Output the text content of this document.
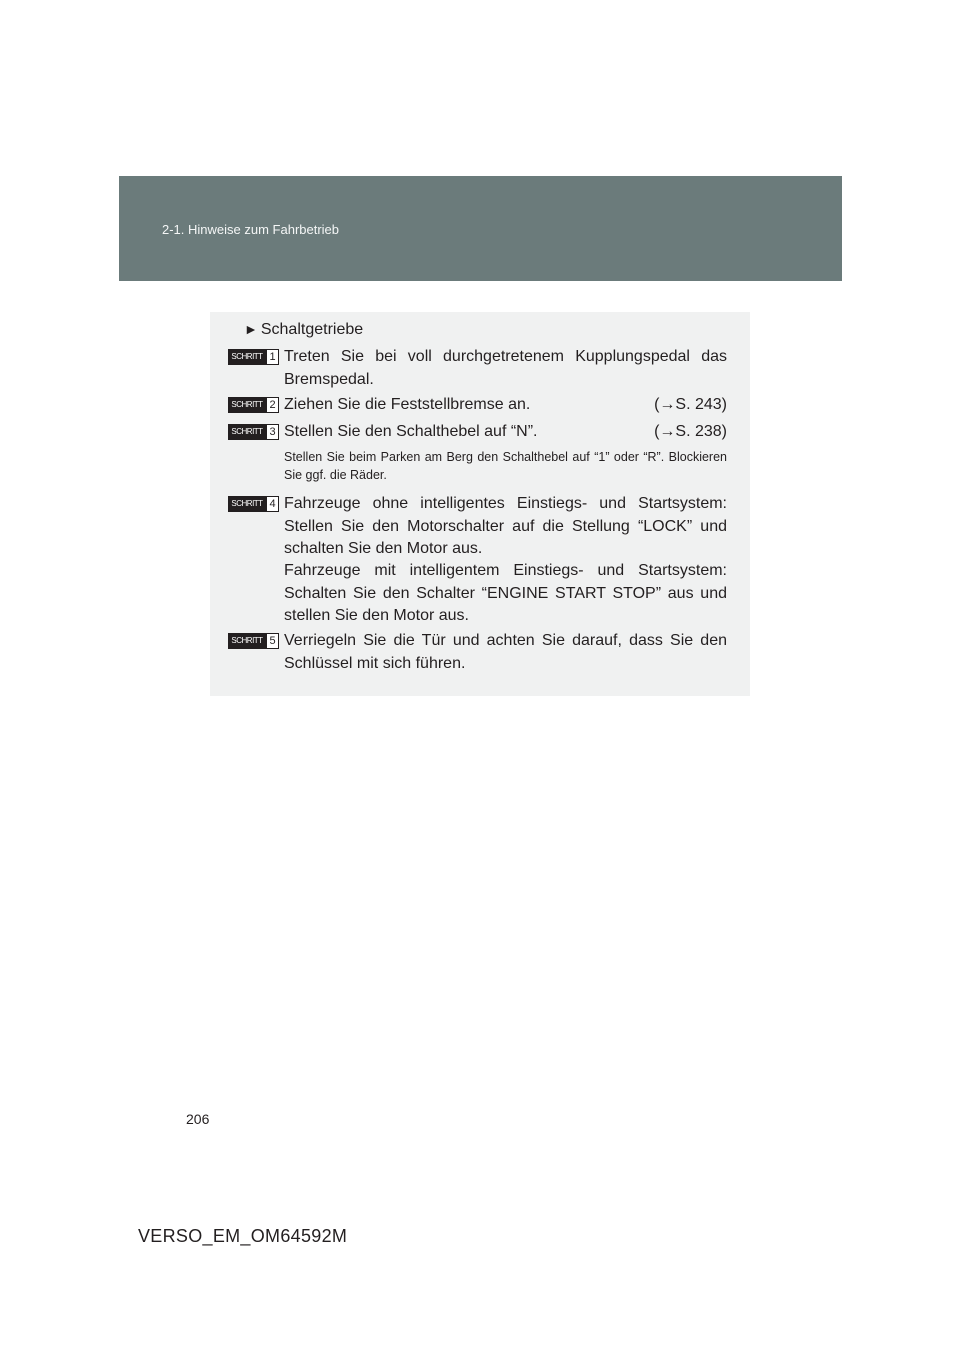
2-1. Hinweise zum Fahrbetrieb
► Schaltgetriebe
SCHRITT 1 Treten Sie bei voll durchgetretenem Kupplungspedal das Bremspedal.
SCHRITT 2 Ziehen Sie die Feststellbremse an.	(→S. 243)
SCHRITT 3 Stellen Sie den Schalthebel auf “N”.	(→S. 238)
Stellen Sie beim Parken am Berg den Schalthebel auf “1” oder “R”. Blockieren Sie ggf. die Räder.
SCHRITT 4 Fahrzeuge ohne intelligentes Einstiegs- und Startsystem: Stellen Sie den Motorschalter auf die Stellung “LOCK” und schalten Sie den Motor aus.
Fahrzeuge mit intelligentem Einstiegs- und Startsystem: Schalten Sie den Schalter “ENGINE START STOP” aus und stellen Sie den Motor aus.
SCHRITT 5 Verriegeln Sie die Tür und achten Sie darauf, dass Sie den Schlüssel mit sich führen.
206
VERSO_EM_OM64592M
